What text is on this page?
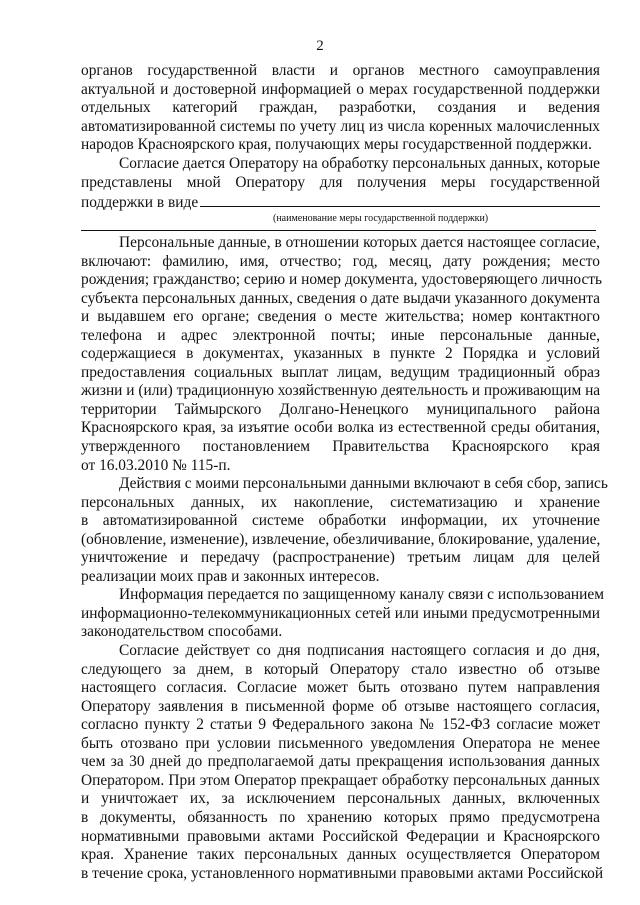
2
органов государственной власти и органов местного самоуправления
актуальной и достоверной информацией о мерах государственной поддержки
отдельных категорий граждан, разработки, создания и ведения
автоматизированной системы по учету лиц из числа коренных малочисленных
народов Красноярского края, получающих меры государственной поддержки.
Согласие дается Оператору на обработку персональных данных, которые
представлены мной Оператору для получения меры государственной
поддержки в виде
(наименование меры государственной поддержки)
Персональные данные, в отношении которых дается настоящее согласие,
включают: фамилию, имя, отчество; год, месяц, дату рождения; место
рождения; гражданство; серию и номер документа, удостоверяющего личность
субъекта персональных данных, сведения о дате выдачи указанного документа
и выдавшем его органе; сведения о месте жительства; номер контактного
телефона и адрес электронной почты; иные персональные данные,
содержащиеся в документах, указанных в пункте 2 Порядка и условий
предоставления социальных выплат лицам, ведущим традиционный образ
жизни и (или) традиционную хозяйственную деятельность и проживающим на
территории Таймырского Долгано-Ненецкого муниципального района
Красноярского края, за изъятие особи волка из естественной среды обитания,
утвержденного постановлением Правительства Красноярского края
от 16.03.2010 № 115-п.
Действия с моими персональными данными включают в себя сбор, запись
персональных данных, их накопление, систематизацию и хранение
в автоматизированной системе обработки информации, их уточнение
(обновление, изменение), извлечение, обезличивание, блокирование, удаление,
уничтожение и передачу (распространение) третьим лицам для целей
реализации моих прав и законных интересов.
Информация передается по защищенному каналу связи с использованием
информационно-телекоммуникационных сетей или иными предусмотренными
законодательством способами.
Согласие действует со дня подписания настоящего согласия и до дня,
следующего за днем, в который Оператору стало известно об отзыве
настоящего согласия. Согласие может быть отозвано путем направления
Оператору заявления в письменной форме об отзыве настоящего согласия,
согласно пункту 2 статьи 9 Федерального закона № 152-ФЗ согласие может
быть отозвано при условии письменного уведомления Оператора не менее
чем за 30 дней до предполагаемой даты прекращения использования данных
Оператором. При этом Оператор прекращает обработку персональных данных
и уничтожает их, за исключением персональных данных, включенных
в документы, обязанность по хранению которых прямо предусмотрена
нормативными правовыми актами Российской Федерации и Красноярского
края. Хранение таких персональных данных осуществляется Оператором
в течение срока, установленного нормативными правовыми актами Российской
